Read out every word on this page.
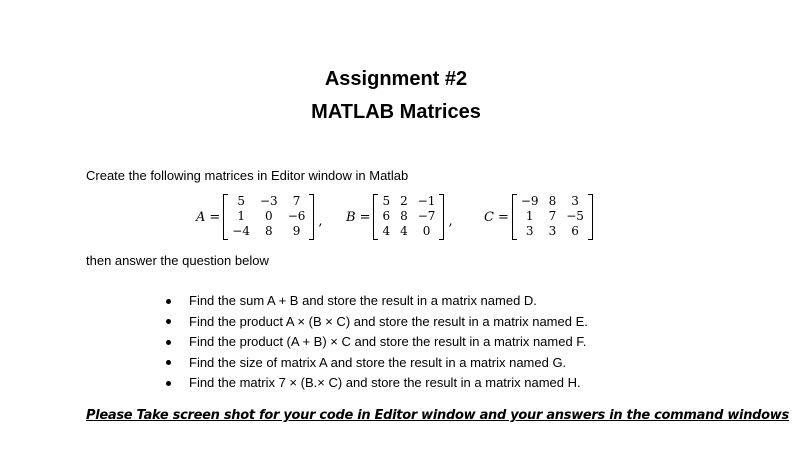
Assignment #2
MATLAB Matrices
Create the following matrices in Editor window in Matlab
A =
5	−3	7
1	0	−6
−4	8	9
, B =
5	2	−1
6	8	−7
4	4	0
, C =
−9	8	3
1	7	−5
3	3	6
then answer the question below
Find the sum A + B and store the result in a matrix named D.
Find the product A × (B × C) and store the result in a matrix named E.
Find the product (A + B) × C and store the result in a matrix named F.
Find the size of matrix A and store the result in a matrix named G.
Find the matrix 7 × (B.× C) and store the result in a matrix named H.
Please Take screen shot for your code in Editor window and your answers in the command windows
